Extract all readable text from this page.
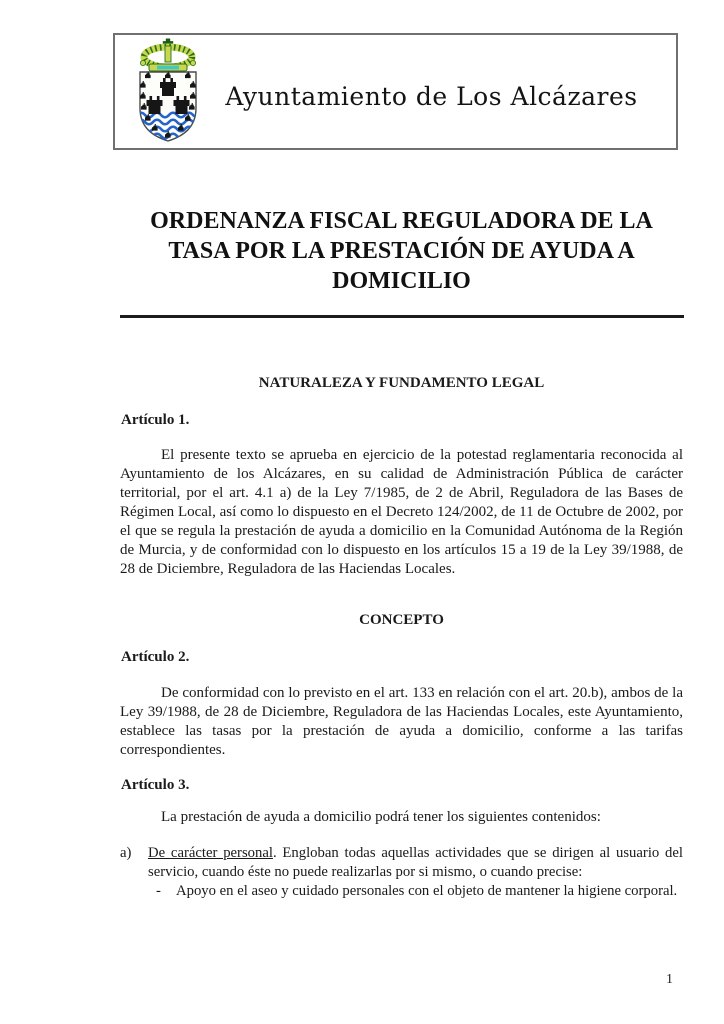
Ayuntamiento de Los Alcázares
ORDENANZA FISCAL REGULADORA DE LA
TASA POR LA PRESTACIÓN DE AYUDA A
DOMICILIO
NATURALEZA Y FUNDAMENTO LEGAL
Artículo 1.

El presente texto se aprueba en ejercicio de la potestad reglamentaria reconocida al Ayuntamiento de los Alcázares, en su calidad de Administración Pública de carácter territorial, por el art. 4.1 a) de la Ley 7/1985, de 2 de Abril, Reguladora de las Bases de Régimen Local, así como lo dispuesto en el Decreto 124/2002, de 11 de Octubre de 2002, por el que se regula la prestación de ayuda a domicilio en la Comunidad Autónoma de la Región de Murcia, y de conformidad con lo dispuesto en los artículos 15 a 19 de la Ley 39/1988, de 28 de Diciembre, Reguladora de las Haciendas Locales.

CONCEPTO
Artículo 2.

De conformidad con lo previsto en el art. 133 en relación con el art. 20.b), ambos de la Ley 39/1988, de 28 de Diciembre, Reguladora de las Haciendas Locales, este Ayuntamiento, establece las tasas por la prestación de ayuda a domicilio, conforme a las tarifas correspondientes.

Artículo 3.

La prestación de ayuda a domicilio podrá tener los siguientes contenidos:

a) De carácter personal. Engloban todas aquellas actividades que se dirigen al usuario del servicio, cuando éste no puede realizarlas por si mismo, o cuando precise:
- Apoyo en el aseo y cuidado personales con el objeto de mantener la higiene corporal.
1
